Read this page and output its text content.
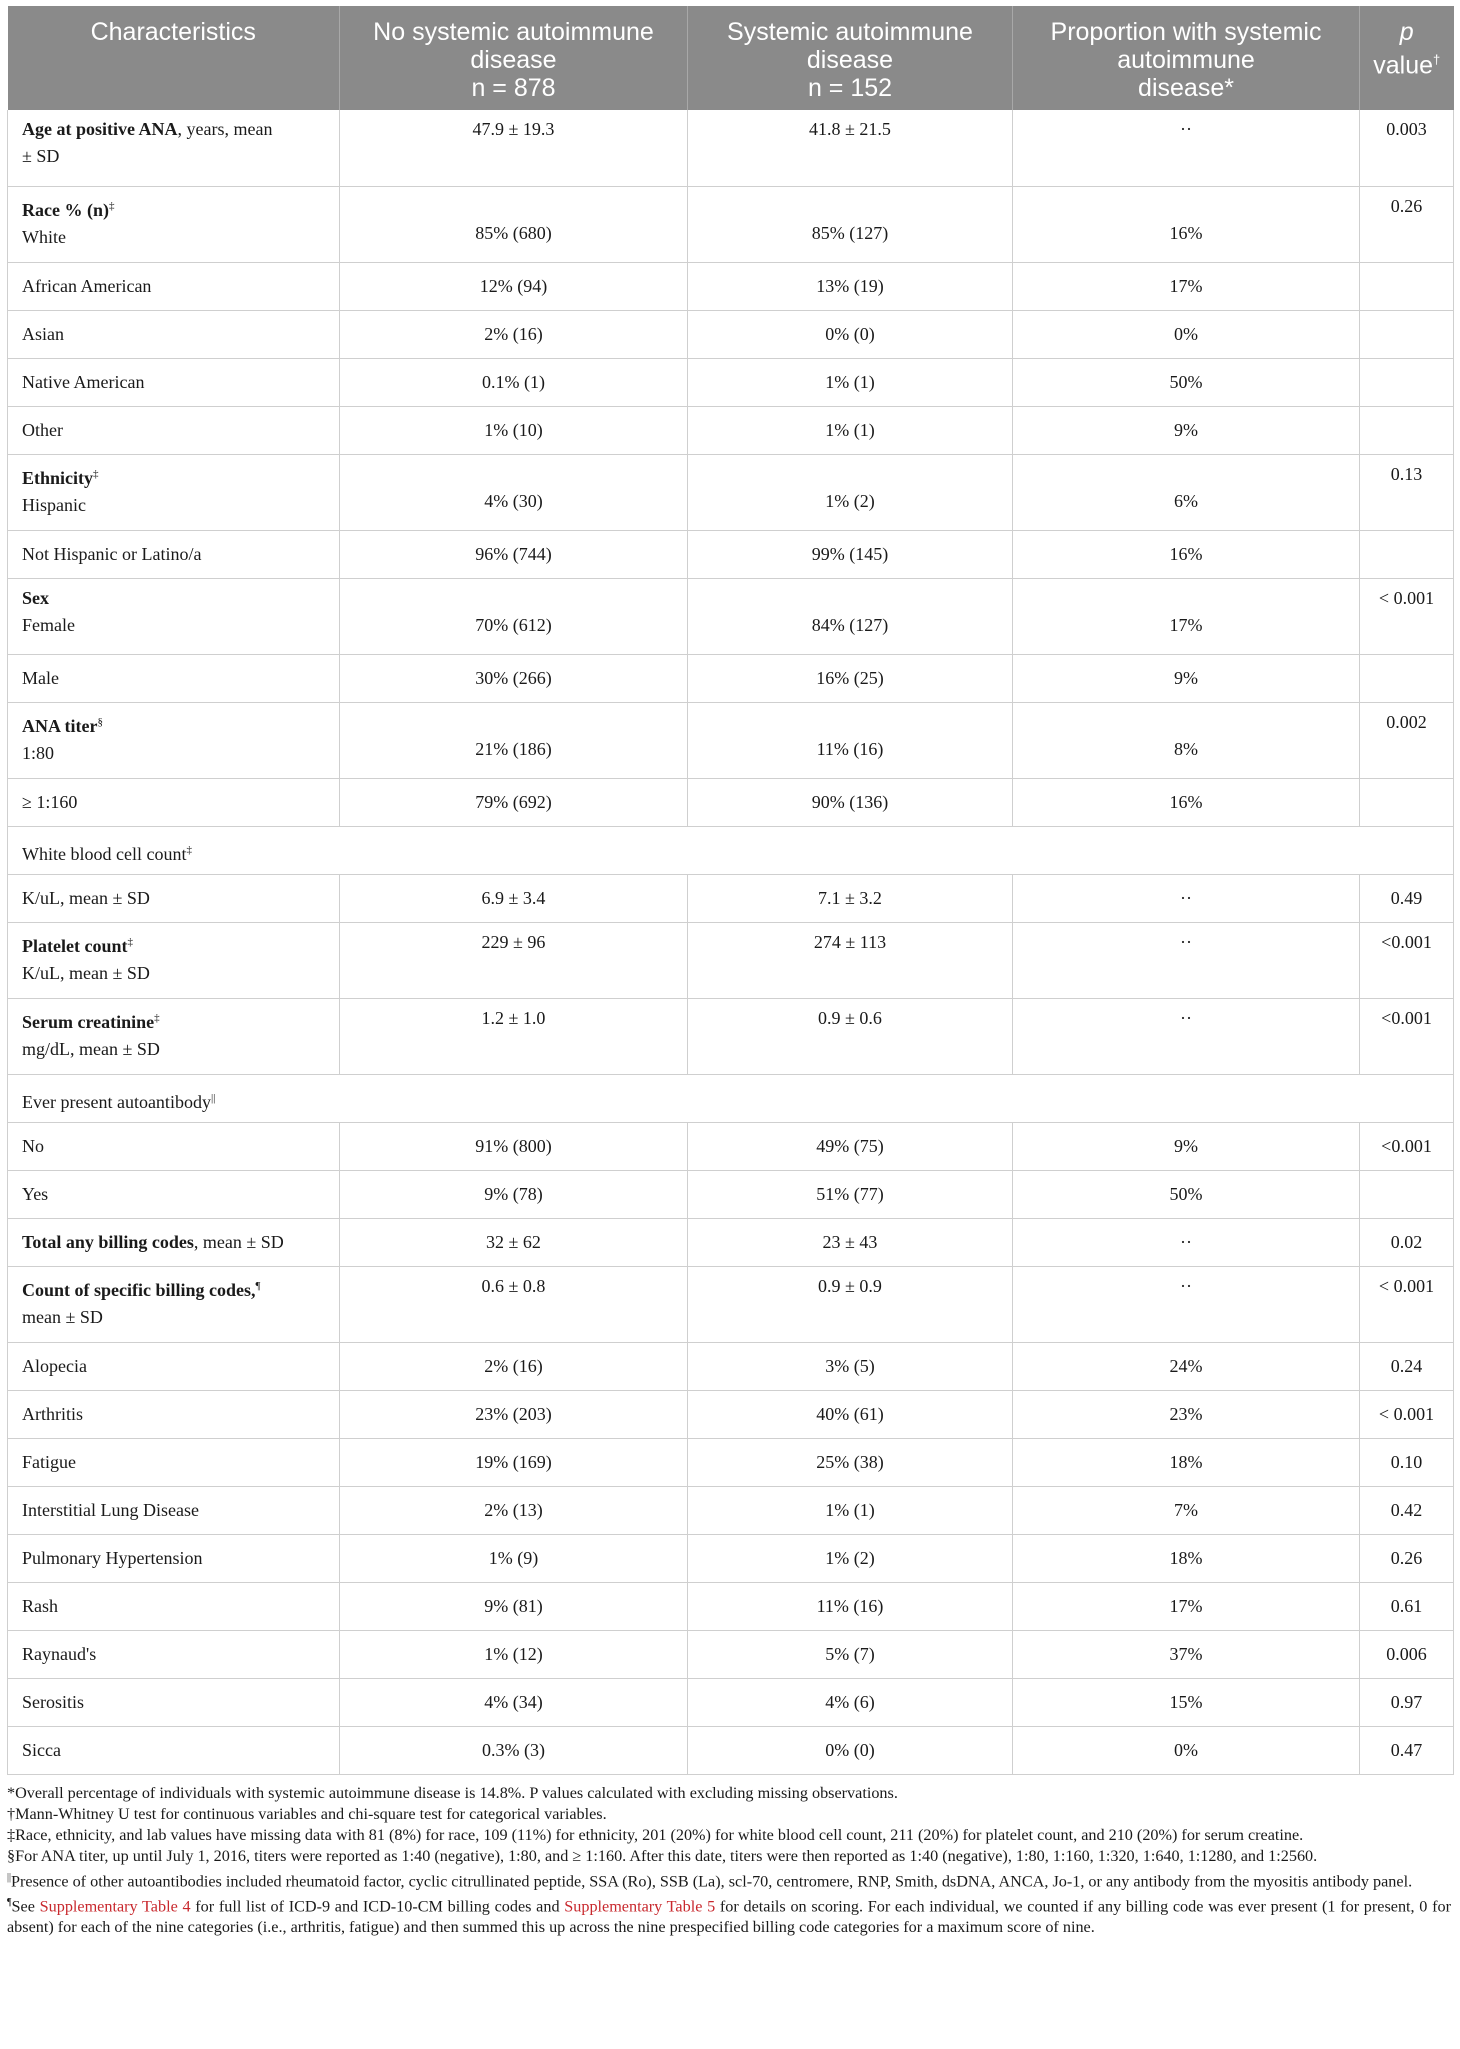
Characteristics	No systemic autoimmune
disease
n = 878	Systemic autoimmune
disease
n = 152	Proportion with systemic
autoimmune
disease*	p
value†
Age at positive ANA, years, mean
± SD	47.9 ± 19.3	41.8 ± 21.5	··	0.003
Race % (n)‡
White	85% (680)	85% (127)	16%	0.26
African American	12% (94)	13% (19)	17%	
Asian	2% (16)	0% (0)	0%	
Native American	0.1% (1)	1% (1)	50%	
Other	1% (10)	1% (1)	9%	
Ethnicity‡
Hispanic	4% (30)	1% (2)	6%	0.13
Not Hispanic or Latino/a	96% (744)	99% (145)	16%	
Sex
Female	70% (612)	84% (127)	17%	< 0.001
Male	30% (266)	16% (25)	9%	
ANA titer§
1:80	21% (186)	11% (16)	8%	0.002
≥ 1:160	79% (692)	90% (136)	16%	
White blood cell count‡
K/uL, mean ± SD	6.9 ± 3.4	7.1 ± 3.2	··	0.49
Platelet count‡
K/uL, mean ± SD	229 ± 96	274 ± 113	··	<0.001
Serum creatinine‡
mg/dL, mean ± SD	1.2 ± 1.0	0.9 ± 0.6	··	<0.001
Ever present autoantibody||
No	91% (800)	49% (75)	9%	<0.001
Yes	9% (78)	51% (77)	50%	
Total any billing codes, mean ± SD	32 ± 62	23 ± 43	··	0.02
Count of specific billing codes,¶
mean ± SD	0.6 ± 0.8	0.9 ± 0.9	··	< 0.001
Alopecia	2% (16)	3% (5)	24%	0.24
Arthritis	23% (203)	40% (61)	23%	< 0.001
Fatigue	19% (169)	25% (38)	18%	0.10
Interstitial Lung Disease	2% (13)	1% (1)	7%	0.42
Pulmonary Hypertension	1% (9)	1% (2)	18%	0.26
Rash	9% (81)	11% (16)	17%	0.61
Raynaud's	1% (12)	5% (7)	37%	0.006
Serositis	4% (34)	4% (6)	15%	0.97
Sicca	0.3% (3)	0% (0)	0%	0.47

*Overall percentage of individuals with systemic autoimmune disease is 14.8%. P values calculated with excluding missing observations.

†Mann-Whitney U test for continuous variables and chi-square test for categorical variables.

‡Race, ethnicity, and lab values have missing data with 81 (8%) for race, 109 (11%) for ethnicity, 201 (20%) for white blood cell count, 211 (20%) for platelet count, and 210 (20%) for serum creatine.

§For ANA titer, up until July 1, 2016, titers were reported as 1:40 (negative), 1:80, and ≥ 1:160. After this date, titers were then reported as 1:40 (negative), 1:80, 1:160, 1:320, 1:640, 1:1280, and 1:2560.

||Presence of other autoantibodies included rheumatoid factor, cyclic citrullinated peptide, SSA (Ro), SSB (La), scl-70, centromere, RNP, Smith, dsDNA, ANCA, Jo-1, or any antibody from the myositis antibody panel.

¶See Supplementary Table 4 for full list of ICD-9 and ICD-10-CM billing codes and Supplementary Table 5 for details on scoring. For each individual, we counted if any billing code was ever present (1 for present, 0 for absent) for each of the nine categories (i.e., arthritis, fatigue) and then summed this up across the nine prespecified billing code categories for a maximum score of nine.
